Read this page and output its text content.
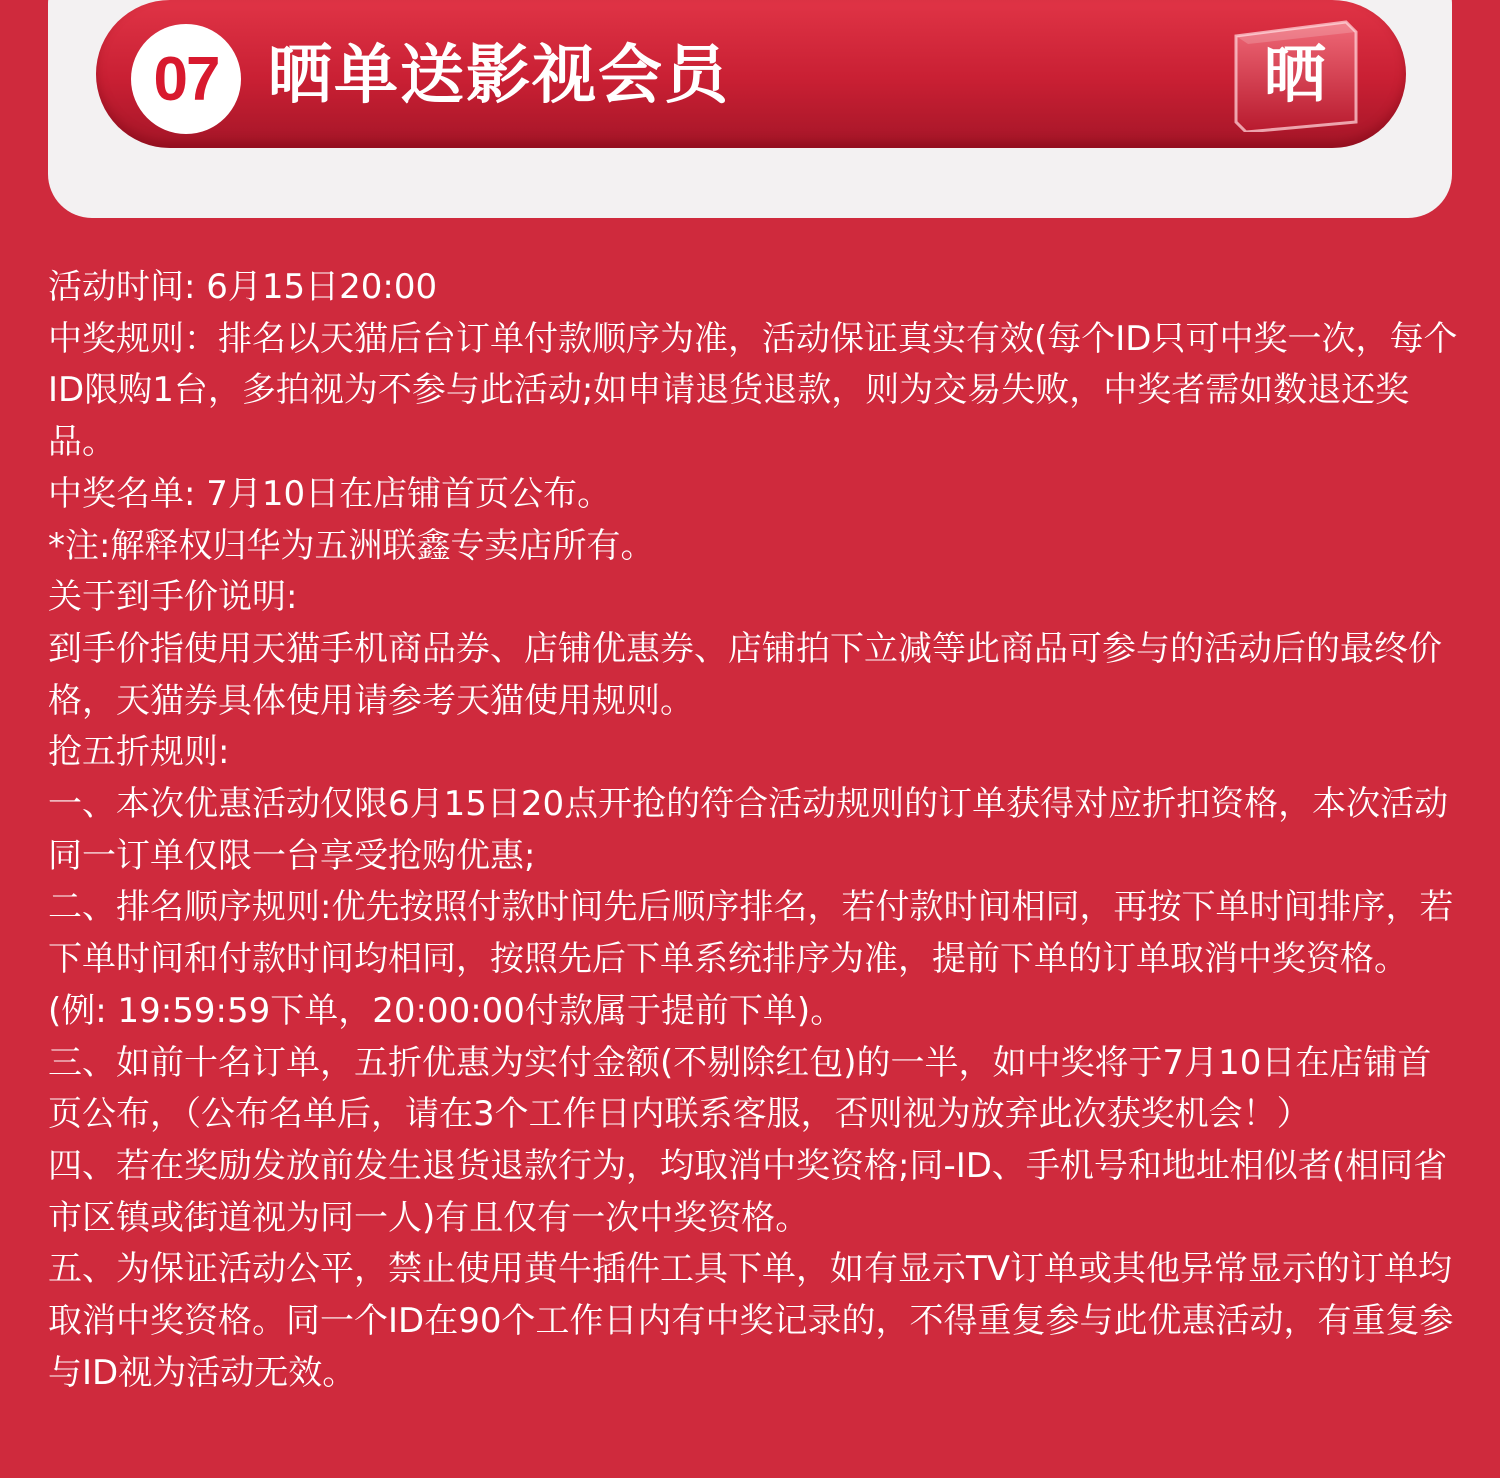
07 晒单送影视会员	晒

活动时间: 6月15日20:00

中奖规则：排名以天猫后台订单付款顺序为准，活动保证真实有效(每个ID只可中奖一次，每个ID限购1台，多拍视为不参与此活动;如申请退货退款，则为交易失败，中奖者需如数退还奖品。

中奖名单: 7月10日在店铺首页公布。

*注:解释权归华为五洲联鑫专卖店所有。

关于到手价说明:

到手价指使用天猫手机商品券、店铺优惠券、店铺拍下立减等此商品可参与的活动后的最终价格，天猫券具体使用请参考天猫使用规则。

抢五折规则:

一、本次优惠活动仅限6月15日20点开抢的符合活动规则的订单获得对应折扣资格，本次活动同一订单仅限一台享受抢购优惠;

二、排名顺序规则:优先按照付款时间先后顺序排名，若付款时间相同，再按下单时间排序，若下单时间和付款时间均相同，按照先后下单系统排序为准，提前下单的订单取消中奖资格。(例: 19:59:59下单，20:00:00付款属于提前下单)。

三、如前十名订单，五折优惠为实付金额(不剔除红包)的一半，如中奖将于7月10日在店铺首页公布，（公布名单后，请在3个工作日内联系客服，否则视为放弃此次获奖机会！）

四、若在奖励发放前发生退货退款行为，均取消中奖资格;同-ID、手机号和地址相似者(相同省市区镇或街道视为同一人)有且仅有一次中奖资格。

五、为保证活动公平，禁止使用黄牛插件工具下单，如有显示TV订单或其他异常显示的订单均取消中奖资格。同一个ID在90个工作日内有中奖记录的，不得重复参与此优惠活动，有重复参与ID视为活动无效。
